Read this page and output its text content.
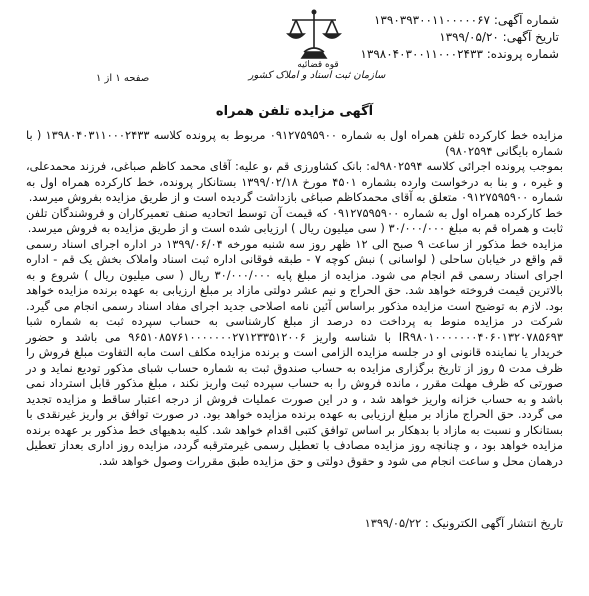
شماره آگهی: ۱۳۹۰۳۹۳۰۰۱۱۰۰۰۰۰۶۷
تاریخ آگهی: ۱۳۹۹/۰۵/۲۰
شماره پرونده: ۱۳۹۸۰۴۰۳۰۰۱۱۰۰۰۲۴۳۳
قوه قضائیه
سازمان ثبت اسناد و املاک کشور
صفحه ۱ از ۱
آگهی مزایده تلفن همراه

مزایده خط کارکرده تلفن همراه اول به شماره ۰۹۱۲۷۵۹۵۹۰۰ مربوط به پرونده کلاسه ۱۳۹۸۰۴۰۳۱۱۰۰۰۲۴۳۳ ( با شماره بایگانی ۹۸۰۲۵۹۴)

بموجب پرونده اجرائی کلاسه ۹۸۰۲۵۹۴له: بانک کشاورزی قم ،و علیه: آقای محمد کاظم صباغی، فرزند محمدعلی، و غیره ، و بنا به درخواست وارده بشماره ۴۵۰۱ مورخ ۱۳۹۹/۰۲/۱۸ بستانکار پرونده، خط کارکرده همراه اول به شماره ۰۹۱۲۷۵۹۵۹۰۰ متعلق به آقای محمدکاظم صباغی بازداشت گردیده است و از طریق مزایده بفروش میرسد.

خط کارکرده همراه اول به شماره ۰۹۱۲۷۵۹۵۹۰۰ که قیمت آن توسط اتحادیه صنف تعمیرکاران و فروشندگان تلفن ثابت و همراه قم به مبلغ ۳۰/۰۰۰/۰۰۰ ( سی میلیون ریال ) ارزیابی شده است و از طریق مزایده به فروش میرسد.

مزایده خط مذکور از ساعت ۹ صبح الی ۱۲ ظهر روز سه شنبه مورخه ۱۳۹۹/۰۶/۰۴ در اداره اجرای اسناد رسمی قم واقع در خیابان ساحلی ( لواسانی ) نبش کوچه ۷ - طبقه فوقانی اداره ثبت اسناد واملاک بخش یک قم - اداره اجرای اسناد رسمی قم انجام می شود. مزایده از مبلغ پایه ۳۰/۰۰۰/۰۰۰ ریال ( سی میلیون ریال ) شروع و به بالاترین قیمت فروخته خواهد شد. حق الحراج و نیم عشر دولتی مازاد بر مبلغ ارزیابی به عهده برنده مزایده خواهد بود. لازم به توضیح است مزایده مذکور براساس آئین نامه اصلاحی جدید اجرای مفاد اسناد رسمی انجام می گیرد. شرکت در مزایده منوط به پرداخت ده درصد از مبلغ کارشناسی به حساب سپرده ثبت به شماره شبا IR۹۸۰۱۰۰۰۰۰۰۰۴۰۶۰۱۳۲۰۷۸۵۶۹۳ با شناسه واریز ۹۶۵۱۰۸۵۷۶۱۰۰۰۰۰۰۰۲۷۱۲۳۳۵۱۲۰۰۶ می باشد و حضور خریدار یا نماینده قانونی او در جلسه مزایده الزامی است و برنده مزایده مکلف است مابه التفاوت مبلغ فروش را ظرف مدت ۵ روز از تاریخ برگزاری مزایده به حساب صندوق ثبت به شماره حساب شبای مذکور تودیع نماید و در صورتی که ظرف مهلت مقرر ، مانده فروش را به حساب سپرده ثبت واریز نکند ، مبلغ مذکور قابل استرداد نمی باشد و به حساب خزانه واریز خواهد شد ، و در این صورت عملیات فروش از درجه اعتبار ساقط و مزایده تجدید می گردد. حق الحراج مازاد بر مبلغ ارزیابی به عهده برنده مزایده خواهد بود. در صورت توافق بر واریز غیرنقدی با بستانکار و نسبت به مازاد با بدهکار بر اساس توافق کتبی اقدام خواهد شد. کلیه بدهیهای خط مذکور بر عهده برنده مزایده خواهد بود ، و چنانچه روز مزایده مصادف با تعطیل رسمی غیرمترقبه گردد، مزایده روز اداری بعداز تعطیل درهمان محل و ساعت انجام می شود و حقوق دولتی و حق مزایده طبق مقررات وصول خواهد شد.

تاریخ انتشار آگهی الکترونیک : ۱۳۹۹/۰۵/۲۲
